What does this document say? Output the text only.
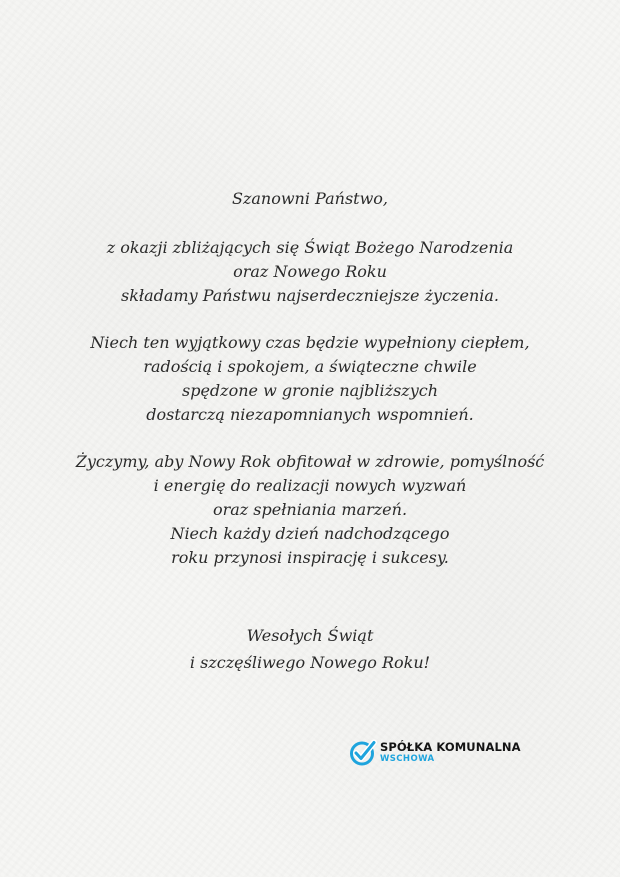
Szanowni Państwo,
z okazji zbliżających się Świąt Bożego Narodzenia
oraz Nowego Roku
składamy Państwu najserdeczniejsze życzenia.
Niech ten wyjątkowy czas będzie wypełniony ciepłem,
radością i spokojem, a świąteczne chwile
spędzone w gronie najbliższych
dostarczą niezapomnianych wspomnień.
Życzymy, aby Nowy Rok obfitował w zdrowie, pomyślność
i energię do realizacji nowych wyzwań
oraz spełniania marzeń.
Niech każdy dzień nadchodzącego
roku przynosi inspirację i sukcesy.
Wesołych Świąt
i szczęśliwego Nowego Roku!
SPÓŁKA KOMUNALNA
WSCHOWA
